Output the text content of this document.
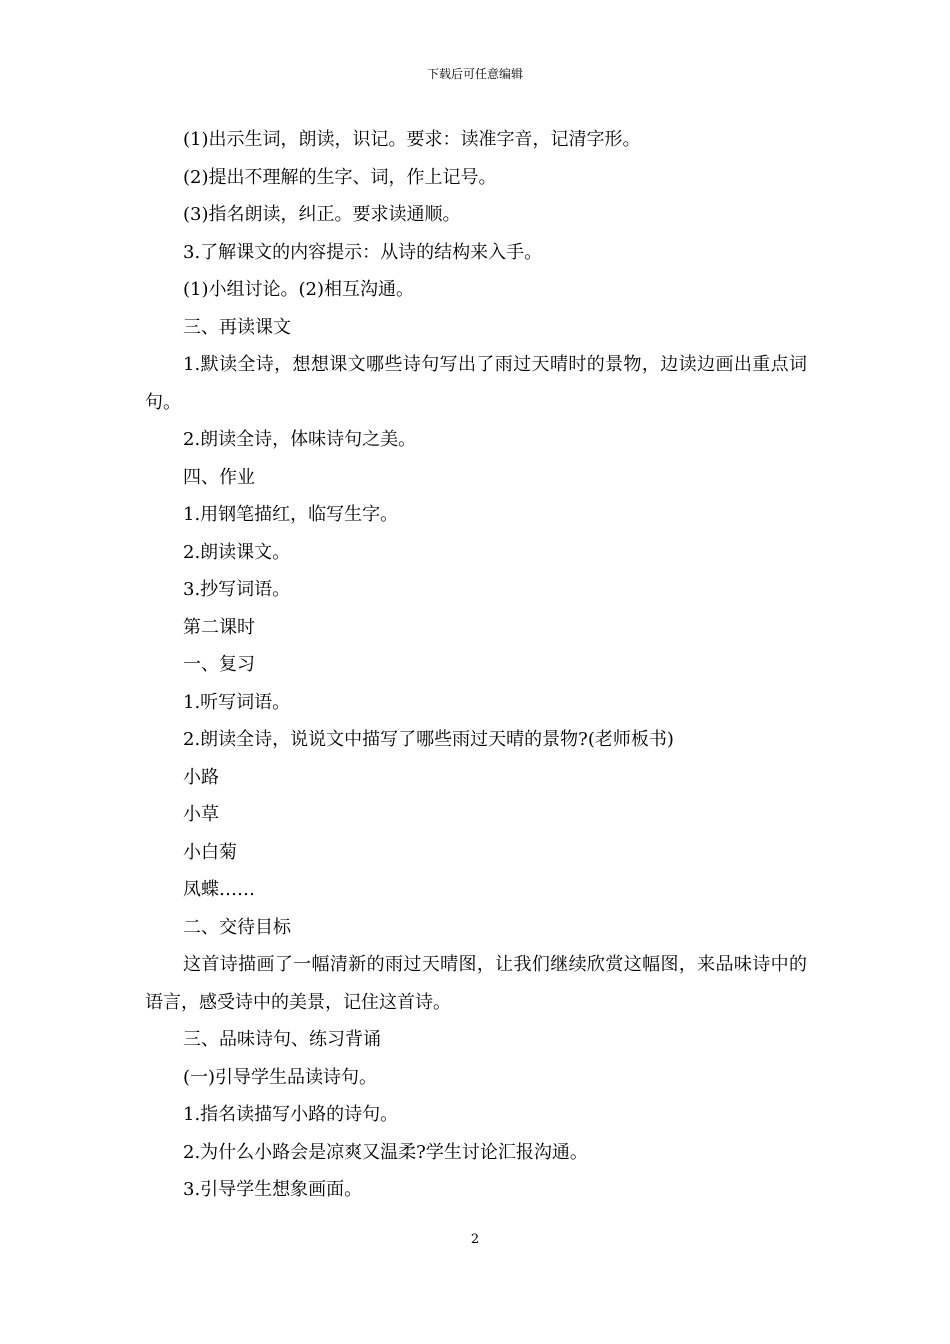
下载后可任意编辑

(1)出示生词，朗读，识记。要求：读准字音，记清字形。

(2)提出不理解的生字、词，作上记号。

(3)指名朗读，纠正。要求读通顺。

3.了解课文的内容提示：从诗的结构来入手。

(1)小组讨论。(2)相互沟通。

三、再读课文

1.默读全诗，想想课文哪些诗句写出了雨过天晴时的景物，边读边画出重点词句。

2.朗读全诗，体味诗句之美。

四、作业

1.用钢笔描红，临写生字。

2.朗读课文。

3.抄写词语。

第二课时

一、复习

1.听写词语。

2.朗读全诗，说说文中描写了哪些雨过天晴的景物?(老师板书)

小路

小草

小白菊

凤蝶……

二、交待目标

这首诗描画了一幅清新的雨过天晴图，让我们继续欣赏这幅图，来品味诗中的语言，感受诗中的美景，记住这首诗。

三、品味诗句、练习背诵

(一)引导学生品读诗句。

1.指名读描写小路的诗句。

2.为什么小路会是凉爽又温柔?学生讨论汇报沟通。

3.引导学生想象画面。

2
